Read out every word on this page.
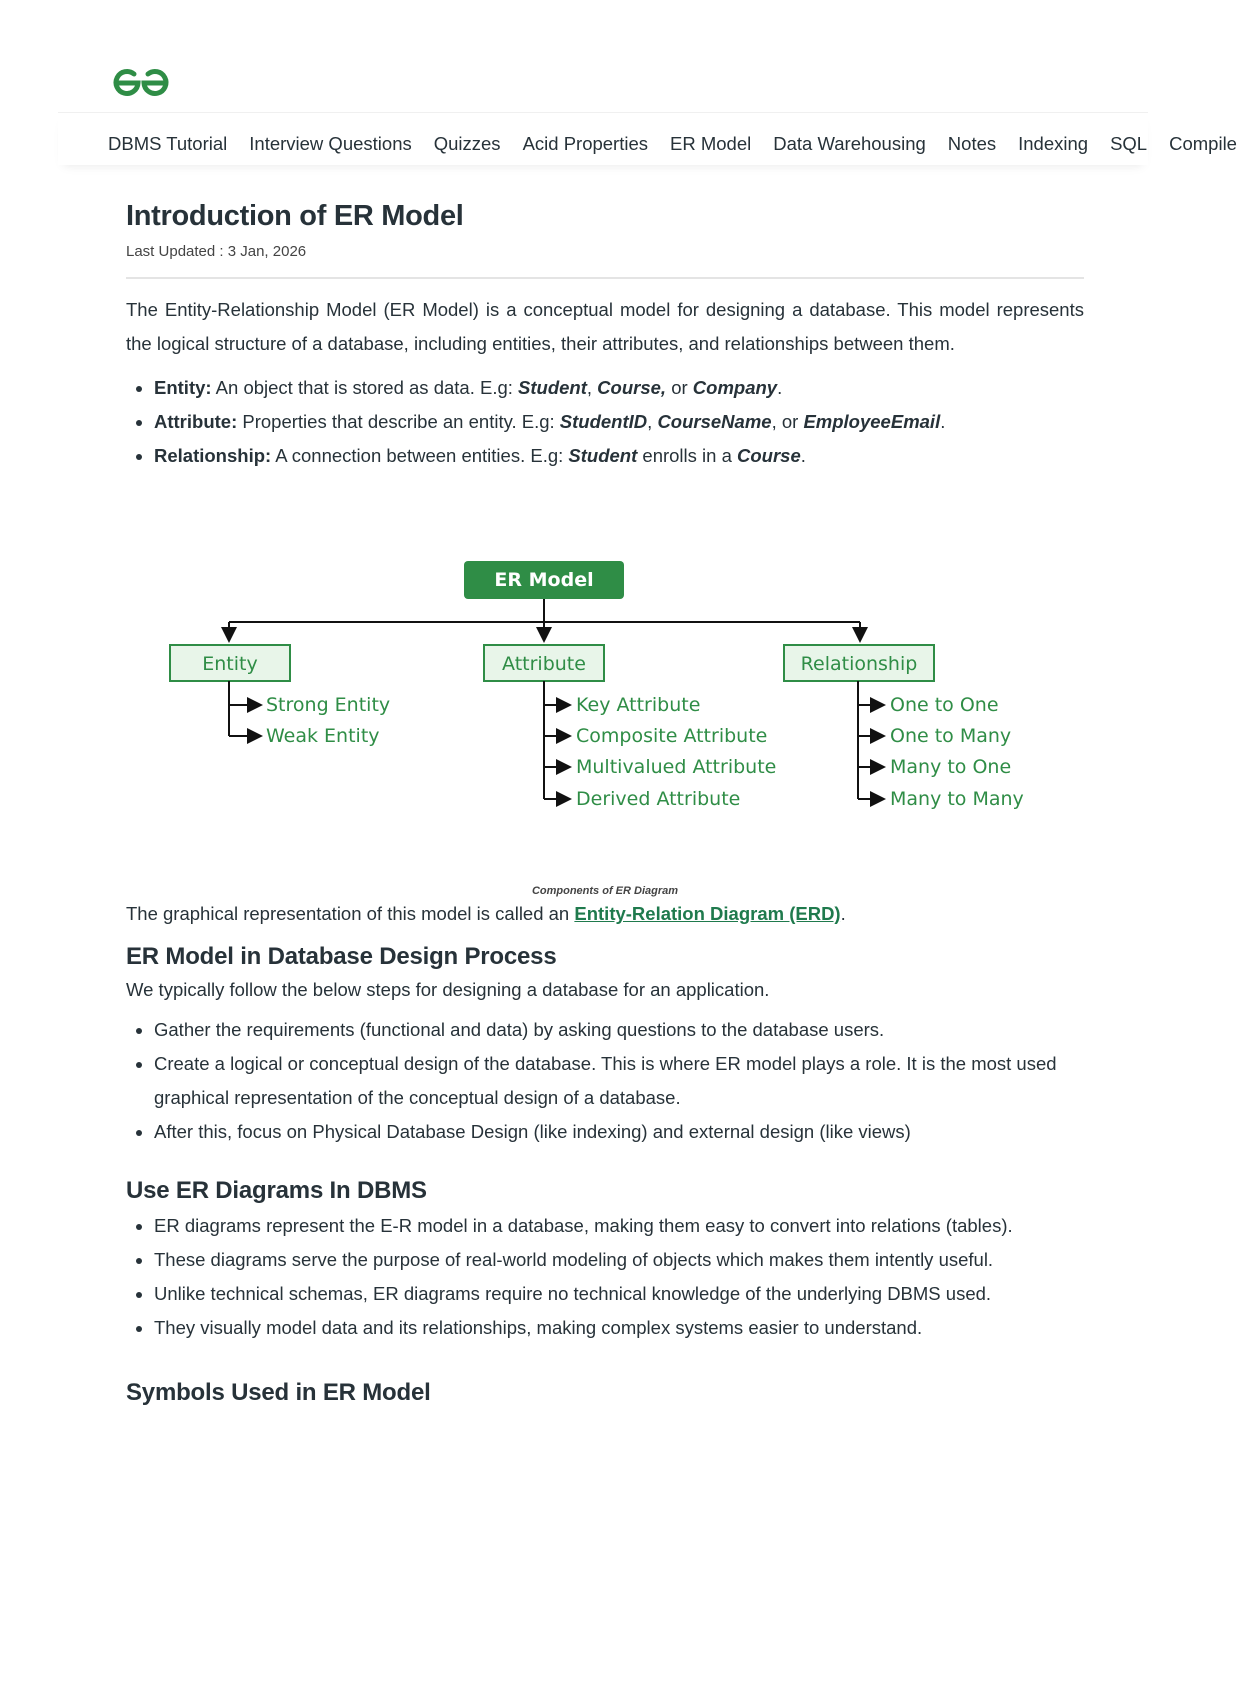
DBMS Tutorial Interview Questions Quizzes Acid Properties ER Model Data Warehousing Notes Indexing SQL Compile
Introduction of ER Model
Last Updated : 3 Jan, 2026

The Entity-Relationship Model (ER Model) is a conceptual model for designing a database. This model represents the logical structure of a database, including entities, their attributes, and relationships between them.

• Entity: An object that is stored as data. E.g: Student, Course, or Company.
• Attribute: Properties that describe an entity. E.g: StudentID, CourseName, or EmployeeEmail.
• Relationship: A connection between entities. E.g: Student enrolls in a Course.
ER Model
Entity	Attribute	Relationship
Strong Entity
Weak Entity
Key Attribute
Composite Attribute
Multivalued Attribute
Derived Attribute
One to One
One to Many
Many to One
Many to Many
Components of ER Diagram

The graphical representation of this model is called an Entity-Relation Diagram (ERD).

ER Model in Database Design Process

We typically follow the below steps for designing a database for an application.

• Gather the requirements (functional and data) by asking questions to the database users.
• Create a logical or conceptual design of the database. This is where ER model plays a role. It is the most used graphical representation of the conceptual design of a database.
• After this, focus on Physical Database Design (like indexing) and external design (like views)
Use ER Diagrams In DBMS
• ER diagrams represent the E-R model in a database, making them easy to convert into relations (tables).
• These diagrams serve the purpose of real-world modeling of objects which makes them intently useful.
• Unlike technical schemas, ER diagrams require no technical knowledge of the underlying DBMS used.
• They visually model data and its relationships, making complex systems easier to understand.
Symbols Used in ER Model
